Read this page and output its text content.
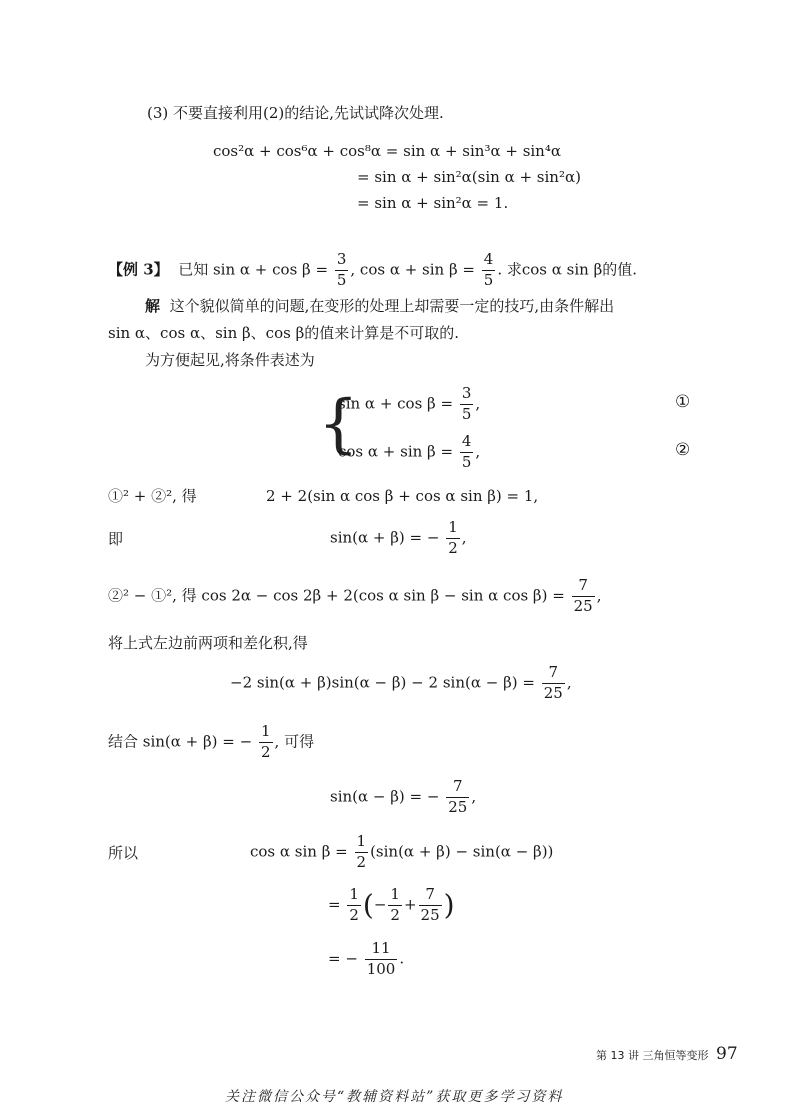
(3) 不要直接利用(2)的结论,先试试降次处理.
cos²α + cos⁶α + cos⁸α = sin α + sin³α + sin⁴α
= sin α + sin²α(sin α + sin²α)
= sin α + sin²α = 1.
【例 3】 已知 $\sin \alpha + \cos \beta = \frac{3}{5}$ , $\cos \alpha + \sin \beta = \frac{4}{5}$ . 求cos α sin β的值.
解 这个貌似简单的问题,在变形的处理上却需要一定的技巧,由条件解出
sin α、cos α、sin β、cos β的值来计算是不可取的.
为方便起见,将条件表述为
{
$\sin \alpha + \cos \beta = \frac{3}{5}$ ,	①
$\cos \alpha + \sin \beta = \frac{4}{5}$ ,	②
①² + ②², 得	2 + 2(sin α cos β + cos α sin β) = 1,
即	sin(α + β) = − $\frac{1}{2}$ ,
②² − ①², 得 cos 2α − cos 2β + 2(cos α sin β − sin α $\cos \beta) = \frac{7}{25}$ ,
将上式左边前两项和差化积,得
−2 sin(α + β)sin(α − β) − 2 $\sin(\alpha - \beta) = \frac{7}{25}$ ,
结合 sin(α + β) = − $\frac{1}{2}$ , 可得
sin(α − β) = − $\frac{7}{25}$ ,
所以	cos α $\sin \beta = \frac{1}{2} (\sin(\alpha + \beta) - \sin(\alpha - \beta))$
= $\frac{1}{2}$ (− $\frac{1}{2} + \frac{7}{25}$ )
= − $\frac{11}{100}$ .
第 13 讲 三角恒等变形 97
关注微信公众号“教辅资料站”获取更多学习资料
